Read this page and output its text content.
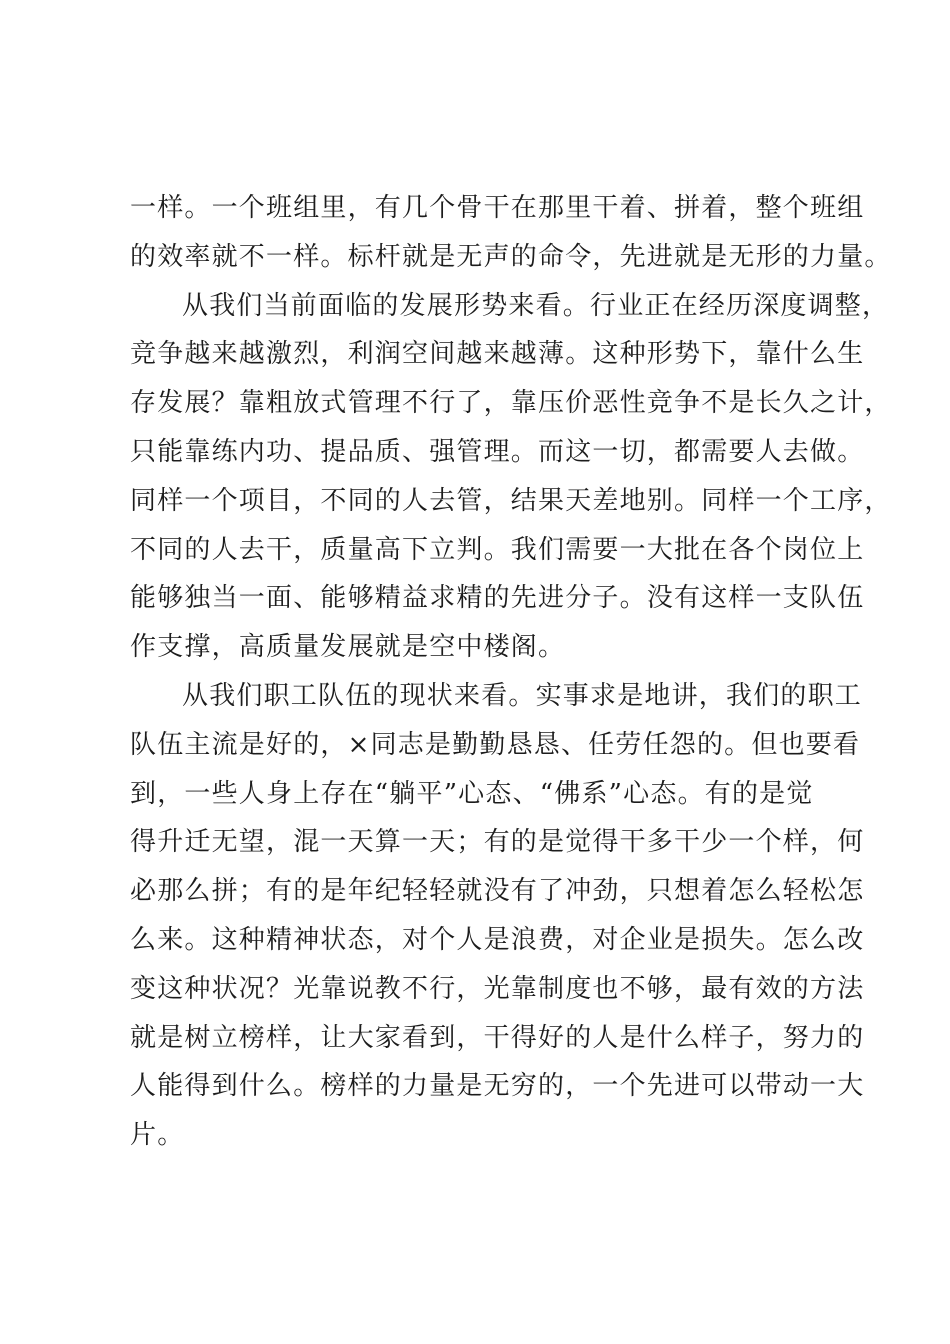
一样。一个班组里，有几个骨干在那里干着、拼着，整个班组
的效率就不一样。标杆就是无声的命令，先进就是无形的力量。
从我们当前面临的发展形势来看。行业正在经历深度调整，
竞争越来越激烈，利润空间越来越薄。这种形势下，靠什么生
存发展？靠粗放式管理不行了，靠压价恶性竞争不是长久之计，
只能靠练内功、提品质、强管理。而这一切，都需要人去做。
同样一个项目，不同的人去管，结果天差地别。同样一个工序，
不同的人去干，质量高下立判。我们需要一大批在各个岗位上
能够独当一面、能够精益求精的先进分子。没有这样一支队伍
作支撑，高质量发展就是空中楼阁。
从我们职工队伍的现状来看。实事求是地讲，我们的职工
队伍主流是好的，×同志是勤勤恳恳、任劳任怨的。但也要看
到，一些人身上存在“躺平”心态、“佛系”心态。有的是觉
得升迁无望，混一天算一天；有的是觉得干多干少一个样，何
必那么拼；有的是年纪轻轻就没有了冲劲，只想着怎么轻松怎
么来。这种精神状态，对个人是浪费，对企业是损失。怎么改
变这种状况？光靠说教不行，光靠制度也不够，最有效的方法
就是树立榜样，让大家看到，干得好的人是什么样子，努力的
人能得到什么。榜样的力量是无穷的，一个先进可以带动一大
片。
